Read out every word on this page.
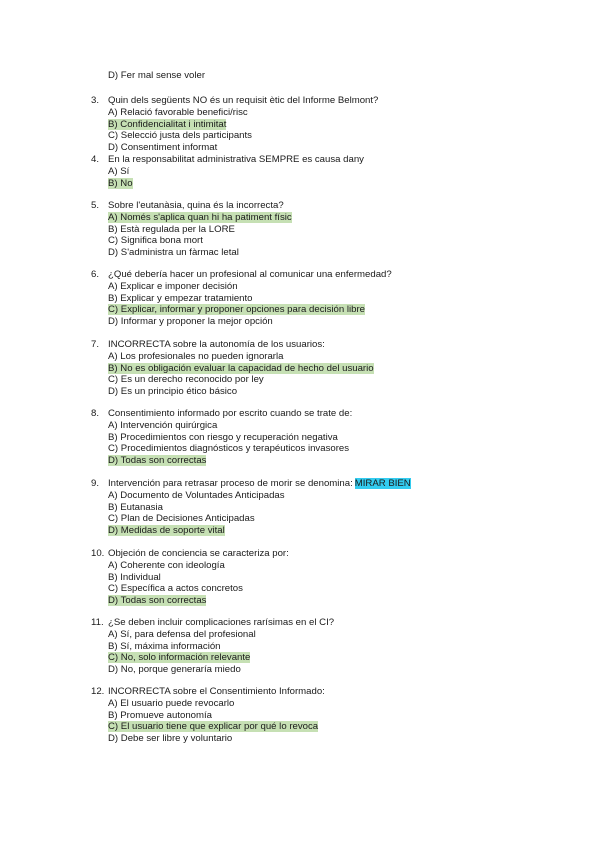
D) Fer mal sense voler
3. Quin dels següents NO és un requisit ètic del Informe Belmont?
A) Relació favorable benefici/risc
B) Confidencialitat i intimitat
C) Selecció justa dels participants
D) Consentiment informat
4. En la responsabilitat administrativa SEMPRE es causa dany
A) Sí
B) No
5. Sobre l'eutanàsia, quina és la incorrecta?
A) Només s'aplica quan hi ha patiment físic
B) Està regulada per la LORE
C) Significa bona mort
D) S'administra un fàrmac letal
6. ¿Qué debería hacer un profesional al comunicar una enfermedad?
A) Explicar e imponer decisión
B) Explicar y empezar tratamiento
C) Explicar, informar y proponer opciones para decisión libre
D) Informar y proponer la mejor opción
7. INCORRECTA sobre la autonomía de los usuarios:
A) Los profesionales no pueden ignorarla
B) No es obligación evaluar la capacidad de hecho del usuario
C) Es un derecho reconocido por ley
D) Es un principio ético básico
8. Consentimiento informado por escrito cuando se trate de:
A) Intervención quirúrgica
B) Procedimientos con riesgo y recuperación negativa
C) Procedimientos diagnósticos y terapéuticos invasores
D) Todas son correctas
9. Intervención para retrasar proceso de morir se denomina: MIRAR BIEN
A) Documento de Voluntades Anticipadas
B) Eutanasia
C) Plan de Decisiones Anticipadas
D) Medidas de soporte vital
10. Objeción de conciencia se caracteriza por:
A) Coherente con ideología
B) Individual
C) Específica a actos concretos
D) Todas son correctas
11. ¿Se deben incluir complicaciones rarísimas en el CI?
A) Sí, para defensa del profesional
B) Sí, máxima información
C) No, solo información relevante
D) No, porque generaría miedo
12. INCORRECTA sobre el Consentimiento Informado:
A) El usuario puede revocarlo
B) Promueve autonomía
C) El usuario tiene que explicar por qué lo revoca
D) Debe ser libre y voluntario
